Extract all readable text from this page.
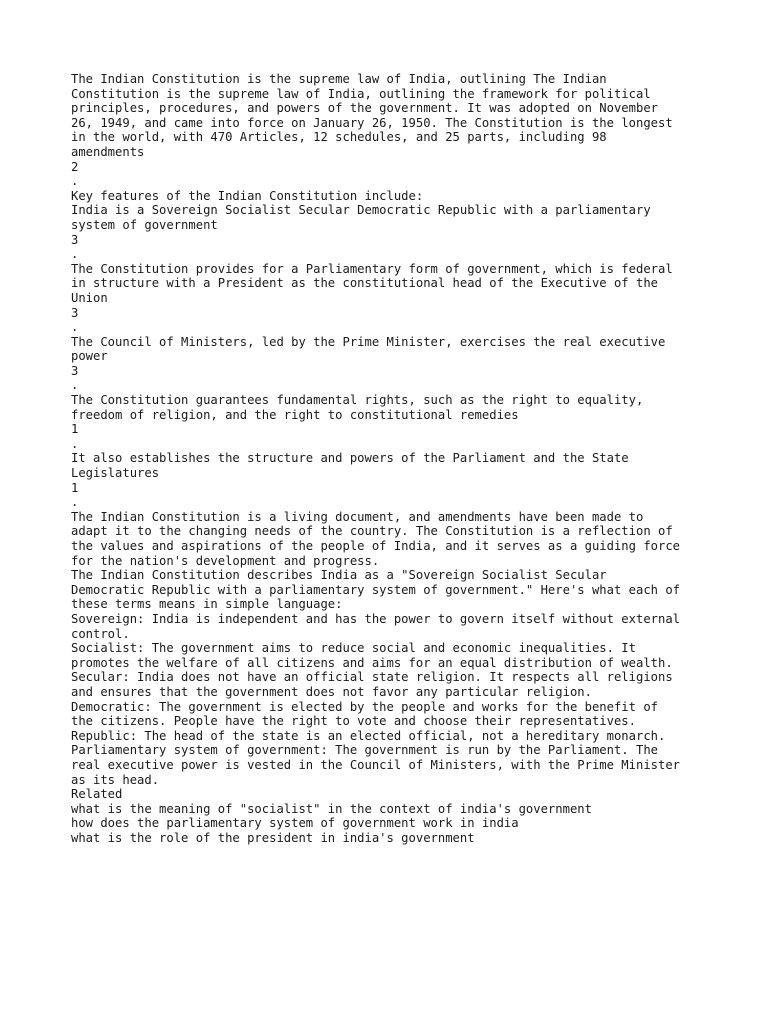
The Indian Constitution is the supreme law of India, outlining The Indian
Constitution is the supreme law of India, outlining the framework for political
principles, procedures, and powers of the government. It was adopted on November
26, 1949, and came into force on January 26, 1950. The Constitution is the longest
in the world, with 470 Articles, 12 schedules, and 25 parts, including 98
amendments
2
.
Key features of the Indian Constitution include:
India is a Sovereign Socialist Secular Democratic Republic with a parliamentary
system of government
3
.
The Constitution provides for a Parliamentary form of government, which is federal
in structure with a President as the constitutional head of the Executive of the
Union
3
.
The Council of Ministers, led by the Prime Minister, exercises the real executive
power
3
.
The Constitution guarantees fundamental rights, such as the right to equality,
freedom of religion, and the right to constitutional remedies
1
.
It also establishes the structure and powers of the Parliament and the State
Legislatures
1
.
The Indian Constitution is a living document, and amendments have been made to
adapt it to the changing needs of the country. The Constitution is a reflection of
the values and aspirations of the people of India, and it serves as a guiding force
for the nation's development and progress.
The Indian Constitution describes India as a "Sovereign Socialist Secular
Democratic Republic with a parliamentary system of government." Here's what each of
these terms means in simple language:
Sovereign: India is independent and has the power to govern itself without external
control.
Socialist: The government aims to reduce social and economic inequalities. It
promotes the welfare of all citizens and aims for an equal distribution of wealth.
Secular: India does not have an official state religion. It respects all religions
and ensures that the government does not favor any particular religion.
Democratic: The government is elected by the people and works for the benefit of
the citizens. People have the right to vote and choose their representatives.
Republic: The head of the state is an elected official, not a hereditary monarch.
Parliamentary system of government: The government is run by the Parliament. The
real executive power is vested in the Council of Ministers, with the Prime Minister
as its head.
Related
what is the meaning of "socialist" in the context of india's government
how does the parliamentary system of government work in india
what is the role of the president in india's government
